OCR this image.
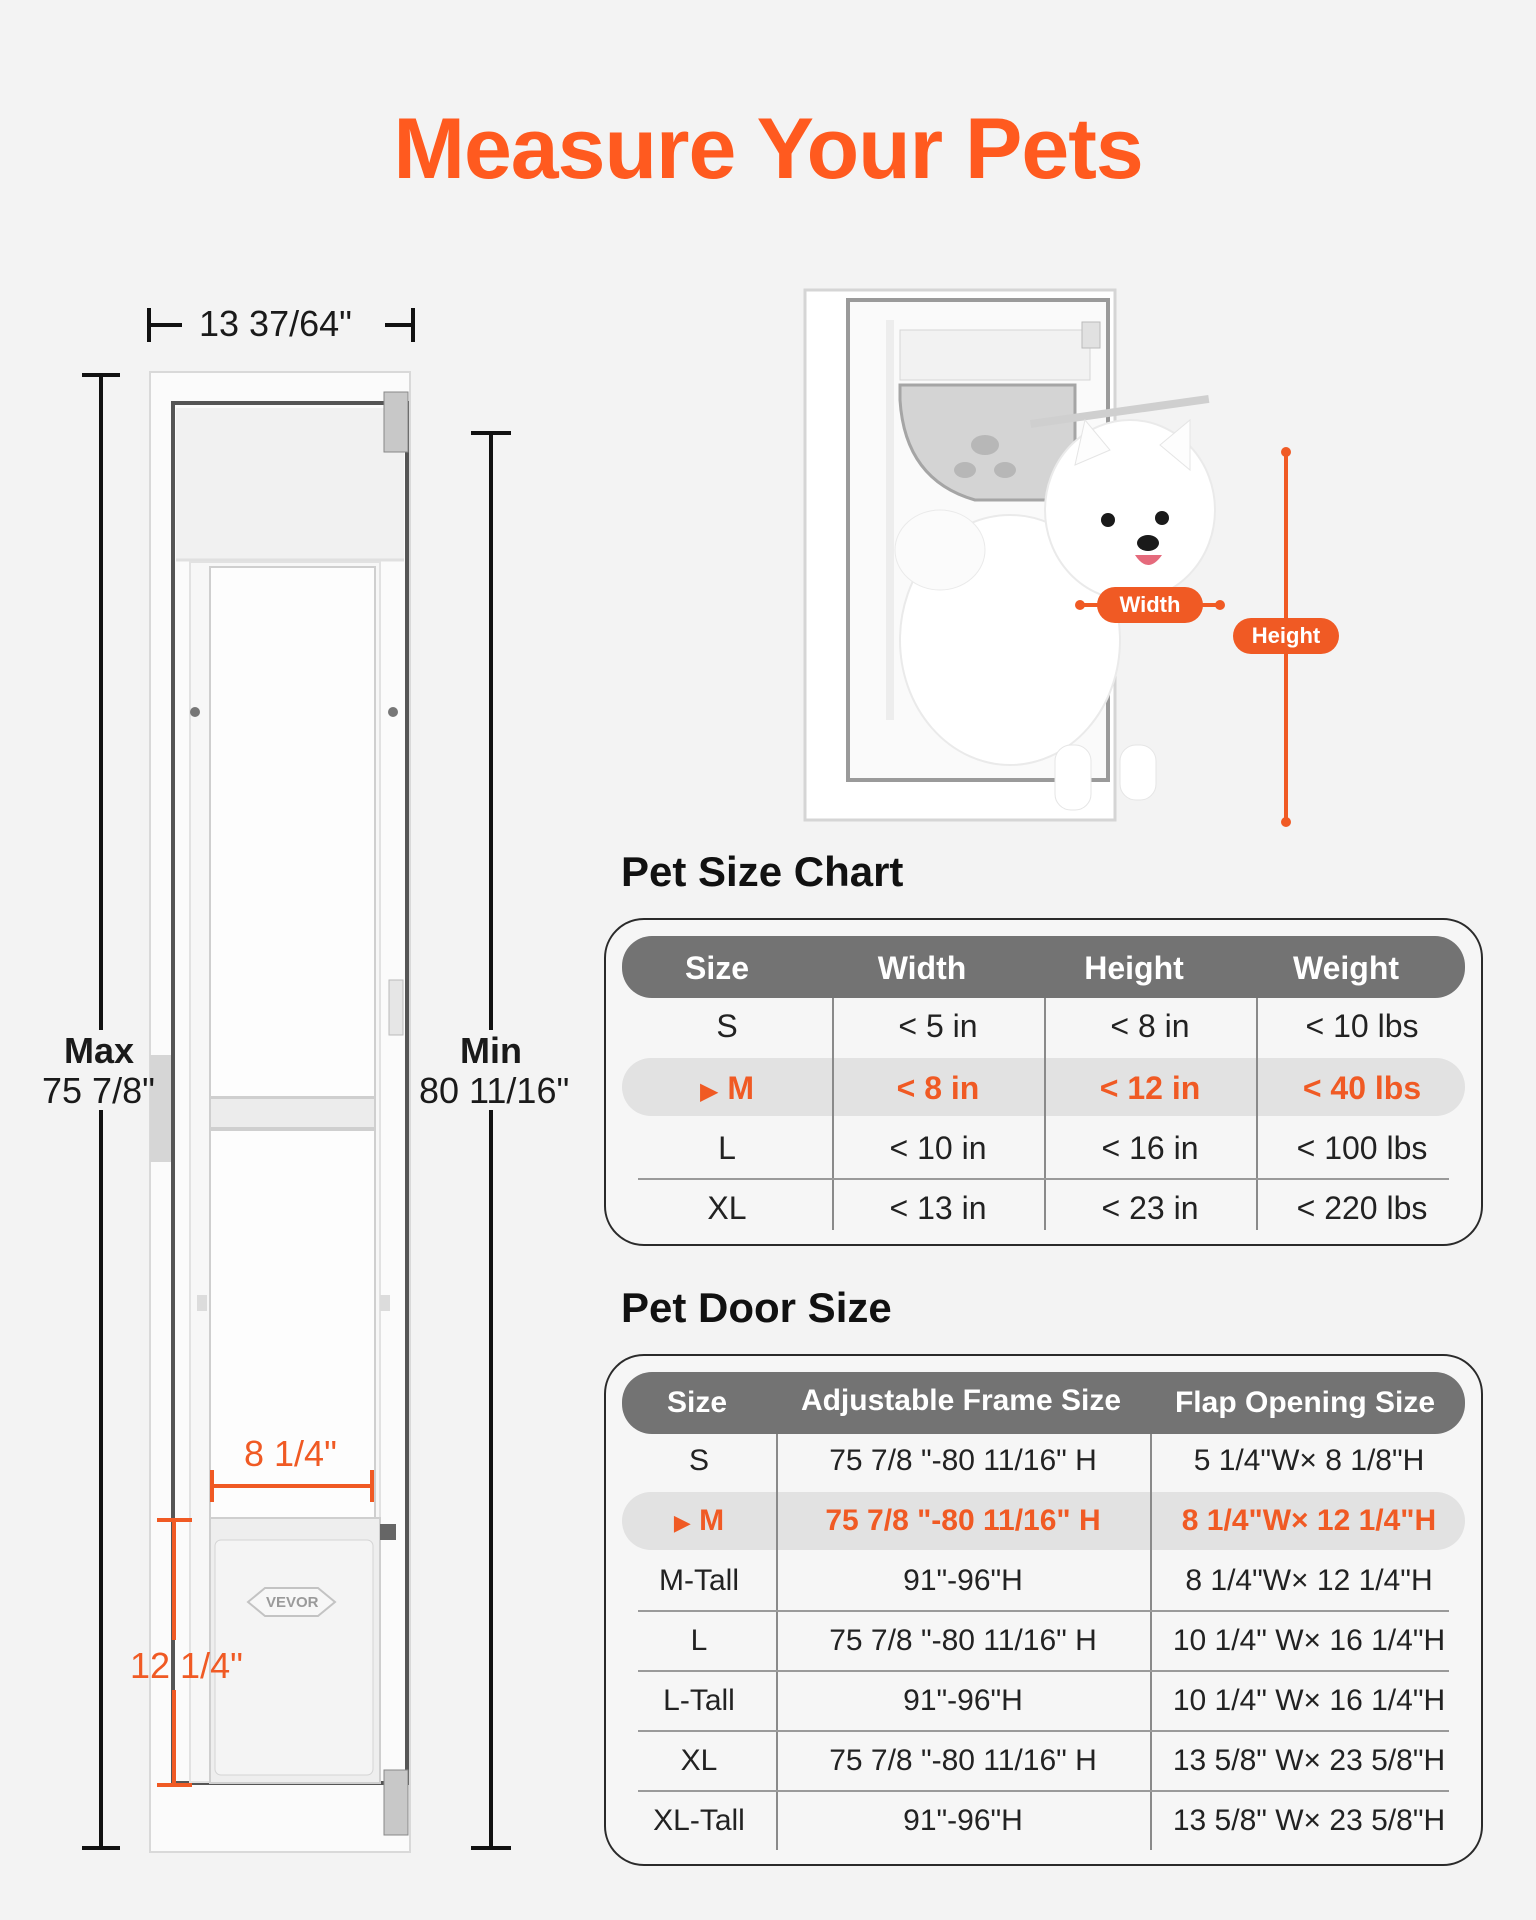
Measure Your Pets
13 37/64"
Max
75 7/8"
Min
80 11/16"
8 1/4"
12 1/4"
VEVOR
Width
Height
Pet Size Chart
Size	Width	Height	Weight
S	< 5 in	< 8 in	< 10 lbs
▶ M	< 8 in	< 12 in	< 40 lbs
L	< 10 in	< 16 in	< 100 lbs
XL	< 13 in	< 23 in	< 220 lbs
Pet Door Size
Size	Adjustable Frame Size	Flap Opening Size
S	75 7/8 "-80 11/16" H	5 1/4"W× 8 1/8"H
▶ M	75 7/8 "-80 11/16" H	8 1/4"W× 12 1/4"H
M-Tall	91"-96"H	8 1/4"W× 12 1/4"H
L	75 7/8 "-80 11/16" H	10 1/4" W× 16 1/4"H
L-Tall	91"-96"H	10 1/4" W× 16 1/4"H
XL	75 7/8 "-80 11/16" H	13 5/8" W× 23 5/8"H
XL-Tall	91"-96"H	13 5/8" W× 23 5/8"H
